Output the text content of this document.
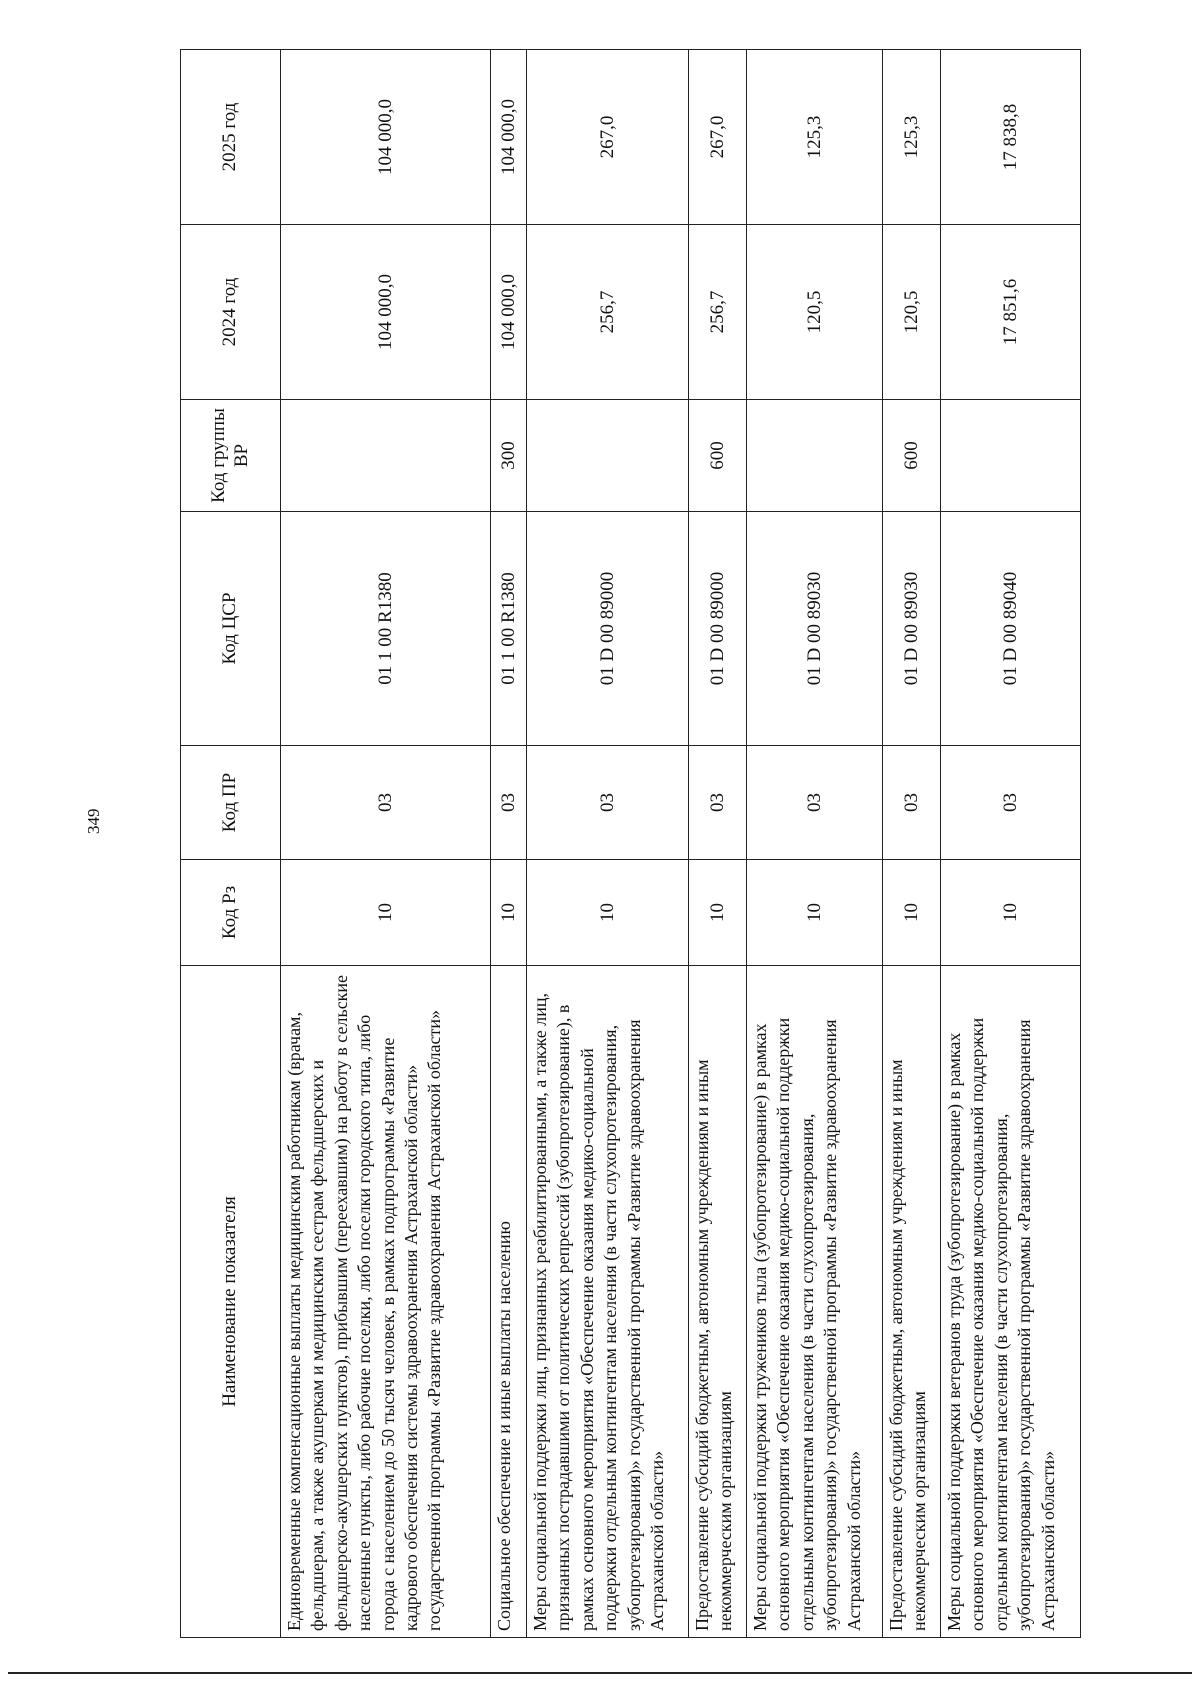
349
Наименование показателя	Код Рз	Код ПР	Код ЦСР	Код группы ВР	2024 год	2025 год
Единовременные компенсационные выплаты медицинским работникам (врачам, фельдшерам, а также акушеркам и медицинским сестрам фельдшерских и фельдшерско-акушерских пунктов), прибывшим (переехавшим) на работу в сельские населенные пункты, либо рабочие поселки, либо поселки городского типа, либо города с населением до 50 тысяч человек, в рамках подпрограммы «Развитие кадрового обеспечения системы здравоохранения Астраханской области» государственной программы «Развитие здравоохранения Астраханской области»	10	03	01 1 00 R1380		104 000,0	104 000,0
Социальное обеспечение и иные выплаты населению	10	03	01 1 00 R1380	300	104 000,0	104 000,0
Меры социальной поддержки лиц, признанных реабилитированными, а также лиц, признанных пострадавшими от политических репрессий (зубопротезирование), в рамках основного мероприятия «Обеспечение оказания медико-социальной поддержки отдельным контингентам населения (в части слухопротезирования, зубопротезирования)» государственной программы «Развитие здравоохранения Астраханской области»	10	03	01 D 00 89000		256,7	267,0
Предоставление субсидий бюджетным, автономным учреждениям и иным некоммерческим организациям	10	03	01 D 00 89000	600	256,7	267,0
Меры социальной поддержки тружеников тыла (зубопротезирование) в рамках основного мероприятия «Обеспечение оказания медико-социальной поддержки отдельным контингентам населения (в части слухопротезирования, зубопротезирования)» государственной программы «Развитие здравоохранения Астраханской области»	10	03	01 D 00 89030		120,5	125,3
Предоставление субсидий бюджетным, автономным учреждениям и иным некоммерческим организациям	10	03	01 D 00 89030	600	120,5	125,3
Меры социальной поддержки ветеранов труда (зубопротезирование) в рамках основного мероприятия «Обеспечение оказания медико-социальной поддержки отдельным контингентам населения (в части слухопротезирования, зубопротезирования)» государственной программы «Развитие здравоохранения Астраханской области»	10	03	01 D 00 89040		17 851,6	17 838,8
